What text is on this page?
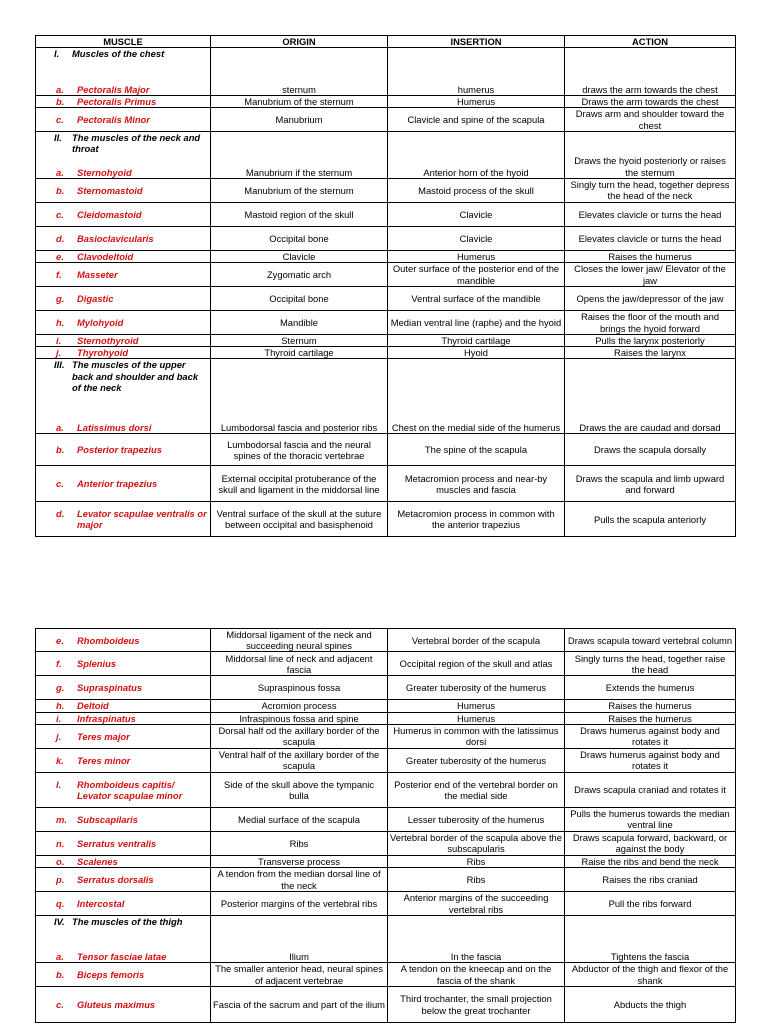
MUSCLE	ORIGIN	INSERTION	ACTION

I. Muscles of the chest
a. Pectoralis Major	sternum	humerus	draws the arm towards the chest

b. Pectoralis Primus	Manubrium of the sternum	Humerus	Draws the arm towards the chest

c. Pectoralis Minor	Manubrium	Clavicle and spine of the scapula	Draws arm and shoulder toward the chest

II. The muscles of the neck and throat
a. Sternohyoid	Manubrium if the sternum	Anterior horn of the hyoid	Draws the hyoid posteriorly or raises the sternum

b. Sternomastoid	Manubrium of the sternum	Mastoid process of the skull	Singly turn the head, together depress the head of the neck

c. Cleidomastoid	Mastoid region of the skull	Clavicle	Elevates clavicle or turns the head

d. Basioclavicularis	Occipital bone	Clavicle	Elevates clavicle or turns the head

e. Clavodeltoid	Clavicle	Humerus	Raises the humerus

f. Masseter	Zygomatic arch	Outer surface of the posterior end of the mandible	Closes the lower jaw/ Elevator of the jaw

g. Digastic	Occipital bone	Ventral surface of the mandible	Opens the jaw/depressor of the jaw

h. Mylohyoid	Mandible	Median ventral line (raphe) and the hyoid	Raises the floor of the mouth and brings the hyoid forward

i. Sternothyroid	Sternum	Thyroid cartilage	Pulls the larynx posteriorly

j. Thyrohyoid	Thyroid cartilage	Hyoid	Raises the larynx

III. The muscles of the upper back and shoulder and back of the neck
a. Latissimus dorsi	Lumbodorsal fascia and posterior ribs	Chest on the medial side of the humerus	Draws the are caudad and dorsad

b. Posterior trapezius	Lumbodorsal fascia and the neural spines of the thoracic vertebrae	The spine of the scapula	Draws the scapula dorsally

c. Anterior trapezius	External occipital protuberance of the skull and ligament in the middorsal line	Metacromion process and near-by muscles and fascia	Draws the scapula and limb upward and forward

d. Levator scapulae ventralis or major	Ventral surface of the skull at the suture between occipital and basisphenoid	Metacromion process in common with the anterior trapezius	Pulls the scapula anteriorly
e. Rhomboideus	Middorsal ligament of the neck and succeeding neural spines	Vertebral border of the scapula	Draws scapula toward vertebral column

f. Splenius	Middorsal line of neck and adjacent fascia	Occipital region of the skull and atlas	Singly turns the head, together raise the head

g. Supraspinatus	Supraspinous fossa	Greater tuberosity of the humerus	Extends the humerus

h. Deltoid	Acromion process	Humerus	Raises the humerus

i. Infraspinatus	Infraspinous fossa and spine	Humerus	Raises the humerus

j. Teres major	Dorsal half od the axillary border of the scapula	Humerus in common with the latissimus dorsi	Draws humerus against body and rotates it

k. Teres minor	Ventral half of the axillary border of the scapula	Greater tuberosity of the humerus	Draws humerus against body and rotates it

l. Rhomboideus capitis/ Levator scapulae minor	Side of the skull above the tympanic bulla	Posterior end of the vertebral border on the medial side	Draws scapula craniad and rotates it

m. Subscapilaris	Medial surface of the scapula	Lesser tuberosity of the humerus	Pulls the humerus towards the median ventral line

n. Serratus ventralis	Ribs	Vertebral border of the scapula above the subscapularis	Draws scapula forward, backward, or against the body

o. Scalenes	Transverse process	Ribs	Raise the ribs and bend the neck

p. Serratus dorsalis	A tendon from the median dorsal line of the neck	Ribs	Raises the ribs craniad

q. Intercostal	Posterior margins of the vertebral ribs	Anterior margins of the succeeding vertebral ribs	Pull the ribs forward

IV. The muscles of the thigh
a. Tensor fasciae latae	Ilium	In the fascia	Tightens the fascia

b. Biceps femoris	The smaller anterior head, neural spines of adjacent vertebrae	A tendon on the kneecap and on the fascia of the shank	Abductor of the thigh and flexor of the shank

c. Gluteus maximus	Fascia of the sacrum and part of the ilium	Third trochanter, the small projection below the great trochanter	Abducts the thigh
